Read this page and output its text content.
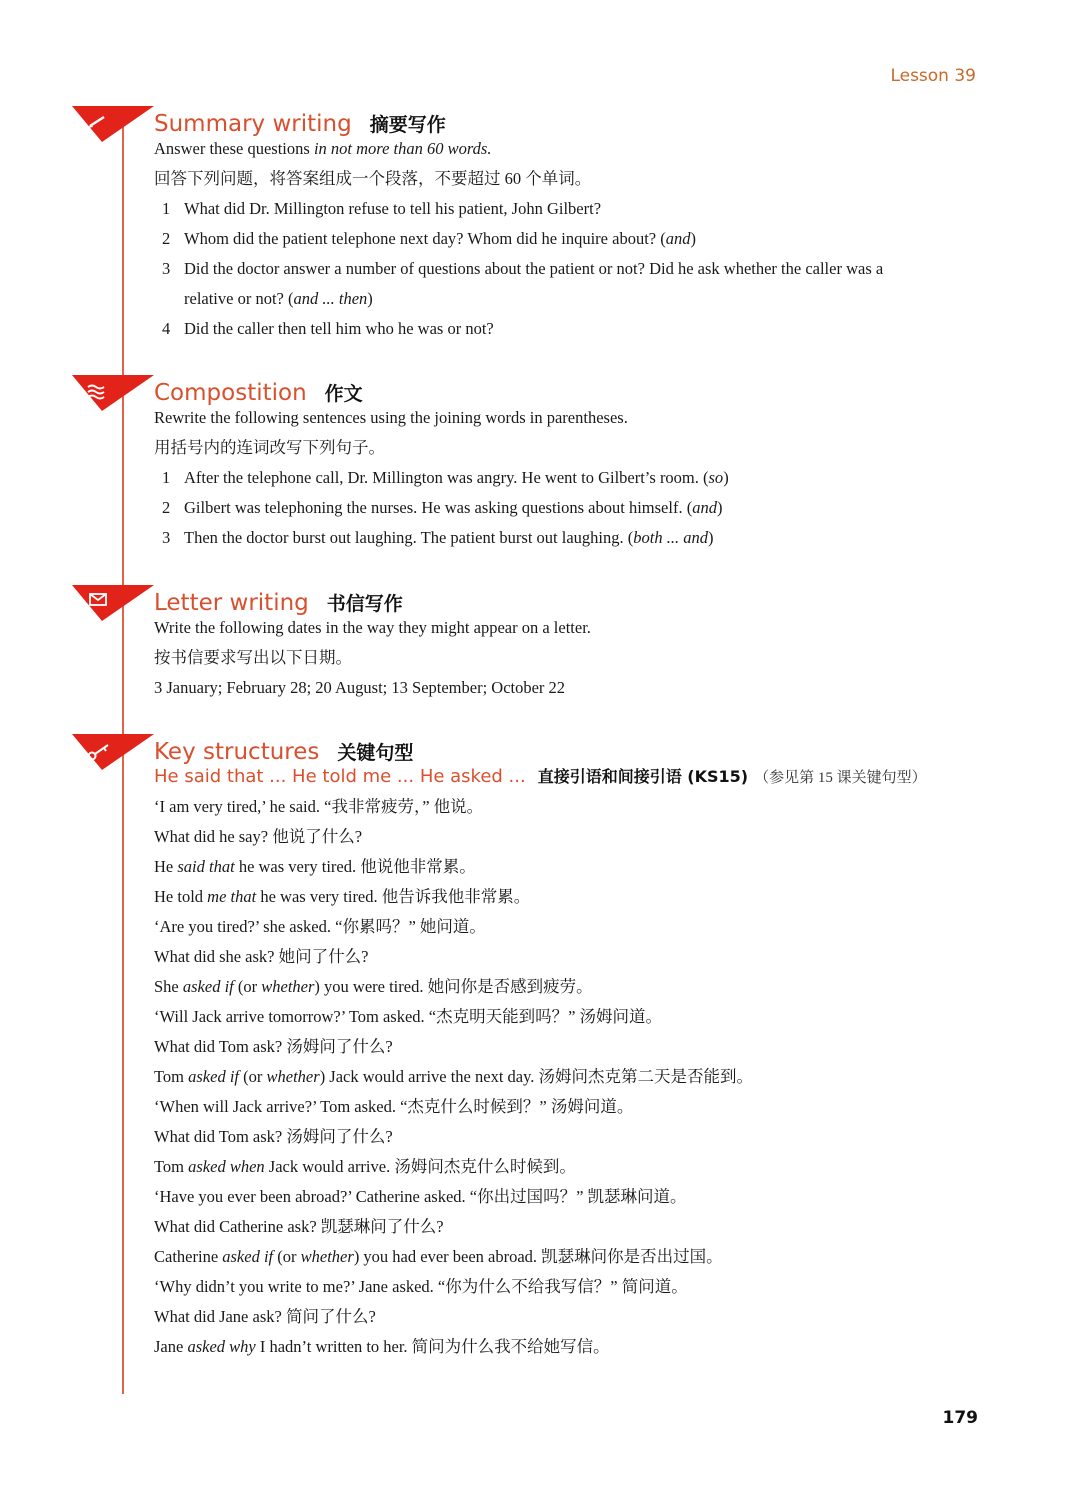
Lesson 39
Summary writing 摘要写作
Answer these questions in not more than 60 words.
回答下列问题，将答案组成一个段落，不要超过 60 个单词。
1 What did Dr. Millington refuse to tell his patient, John Gilbert?
2 Whom did the patient telephone next day? Whom did he inquire about? (and)
3 Did the doctor answer a number of questions about the patient or not? Did he ask whether the caller was a
relative or not? (and ... then)
4 Did the caller then tell him who he was or not?
Compostition 作文
Rewrite the following sentences using the joining words in parentheses.
用括号内的连词改写下列句子。
1 After the telephone call, Dr. Millington was angry. He went to Gilbert’s room. (so)
2 Gilbert was telephoning the nurses. He was asking questions about himself. (and)
3 Then the doctor burst out laughing. The patient burst out laughing. (both ... and)
Letter writing 书信写作
Write the following dates in the way they might appear on a letter.
按书信要求写出以下日期。
3 January; February 28; 20 August; 13 September; October 22
Key structures 关键句型
He said that ... He told me ... He asked ... 直接引语和间接引语 (KS15) （参见第 15 课关键句型）
‘I am very tired,’ he said. “我非常疲劳，” 他说。
What did he say? 他说了什么?
He said that he was very tired. 他说他非常累。
He told me that he was very tired. 他告诉我他非常累。
‘Are you tired?’ she asked. “你累吗？” 她问道。
What did she ask? 她问了什么?
She asked if (or whether) you were tired. 她问你是否感到疲劳。
‘Will Jack arrive tomorrow?’ Tom asked. “杰克明天能到吗？” 汤姆问道。
What did Tom ask? 汤姆问了什么?
Tom asked if (or whether) Jack would arrive the next day. 汤姆问杰克第二天是否能到。
‘When will Jack arrive?’ Tom asked. “杰克什么时候到？” 汤姆问道。
What did Tom ask? 汤姆问了什么?
Tom asked when Jack would arrive. 汤姆问杰克什么时候到。
‘Have you ever been abroad?’ Catherine asked. “你出过国吗？” 凯瑟琳问道。
What did Catherine ask? 凯瑟琳问了什么?
Catherine asked if (or whether) you had ever been abroad. 凯瑟琳问你是否出过国。
‘Why didn’t you write to me?’ Jane asked. “你为什么不给我写信？” 简问道。
What did Jane ask? 简问了什么?
Jane asked why I hadn’t written to her. 简问为什么我不给她写信。
179
